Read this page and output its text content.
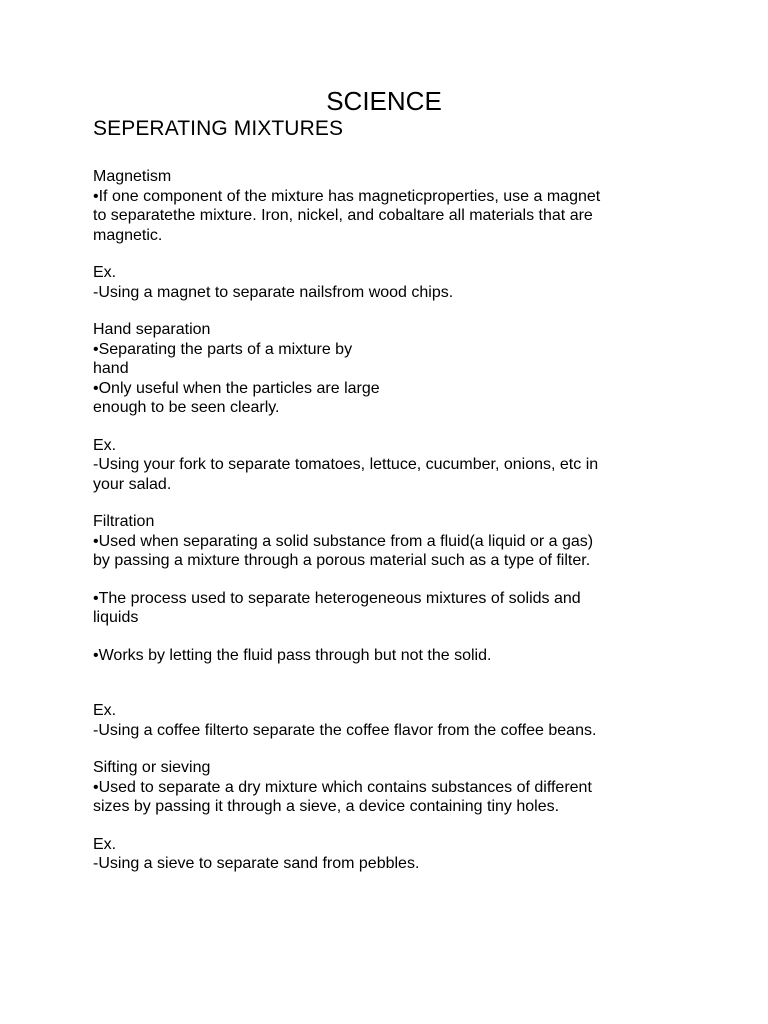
SCIENCE
SEPERATING MIXTURES
Magnetism
•If one component of the mixture has magneticproperties, use a magnet
to separatethe mixture. Iron, nickel, and cobaltare all materials that are
magnetic.
Ex.
-Using a magnet to separate nailsfrom wood chips.
Hand separation
•Separating the parts of a mixture by
hand
•Only useful when the particles are large
enough to be seen clearly.
Ex.
-Using your fork to separate tomatoes, lettuce, cucumber, onions, etc in
your salad.
Filtration
•Used when separating a solid substance from a fluid(a liquid or a gas)
by passing a mixture through a porous material such as a type of filter.
•The process used to separate heterogeneous mixtures of solids and
liquids
•Works by letting the fluid pass through but not the solid.
Ex.
-Using a coffee filterto separate the coffee flavor from the coffee beans.
Sifting or sieving
•Used to separate a dry mixture which contains substances of different
sizes by passing it through a sieve, a device containing tiny holes.
Ex.
-Using a sieve to separate sand from pebbles.
